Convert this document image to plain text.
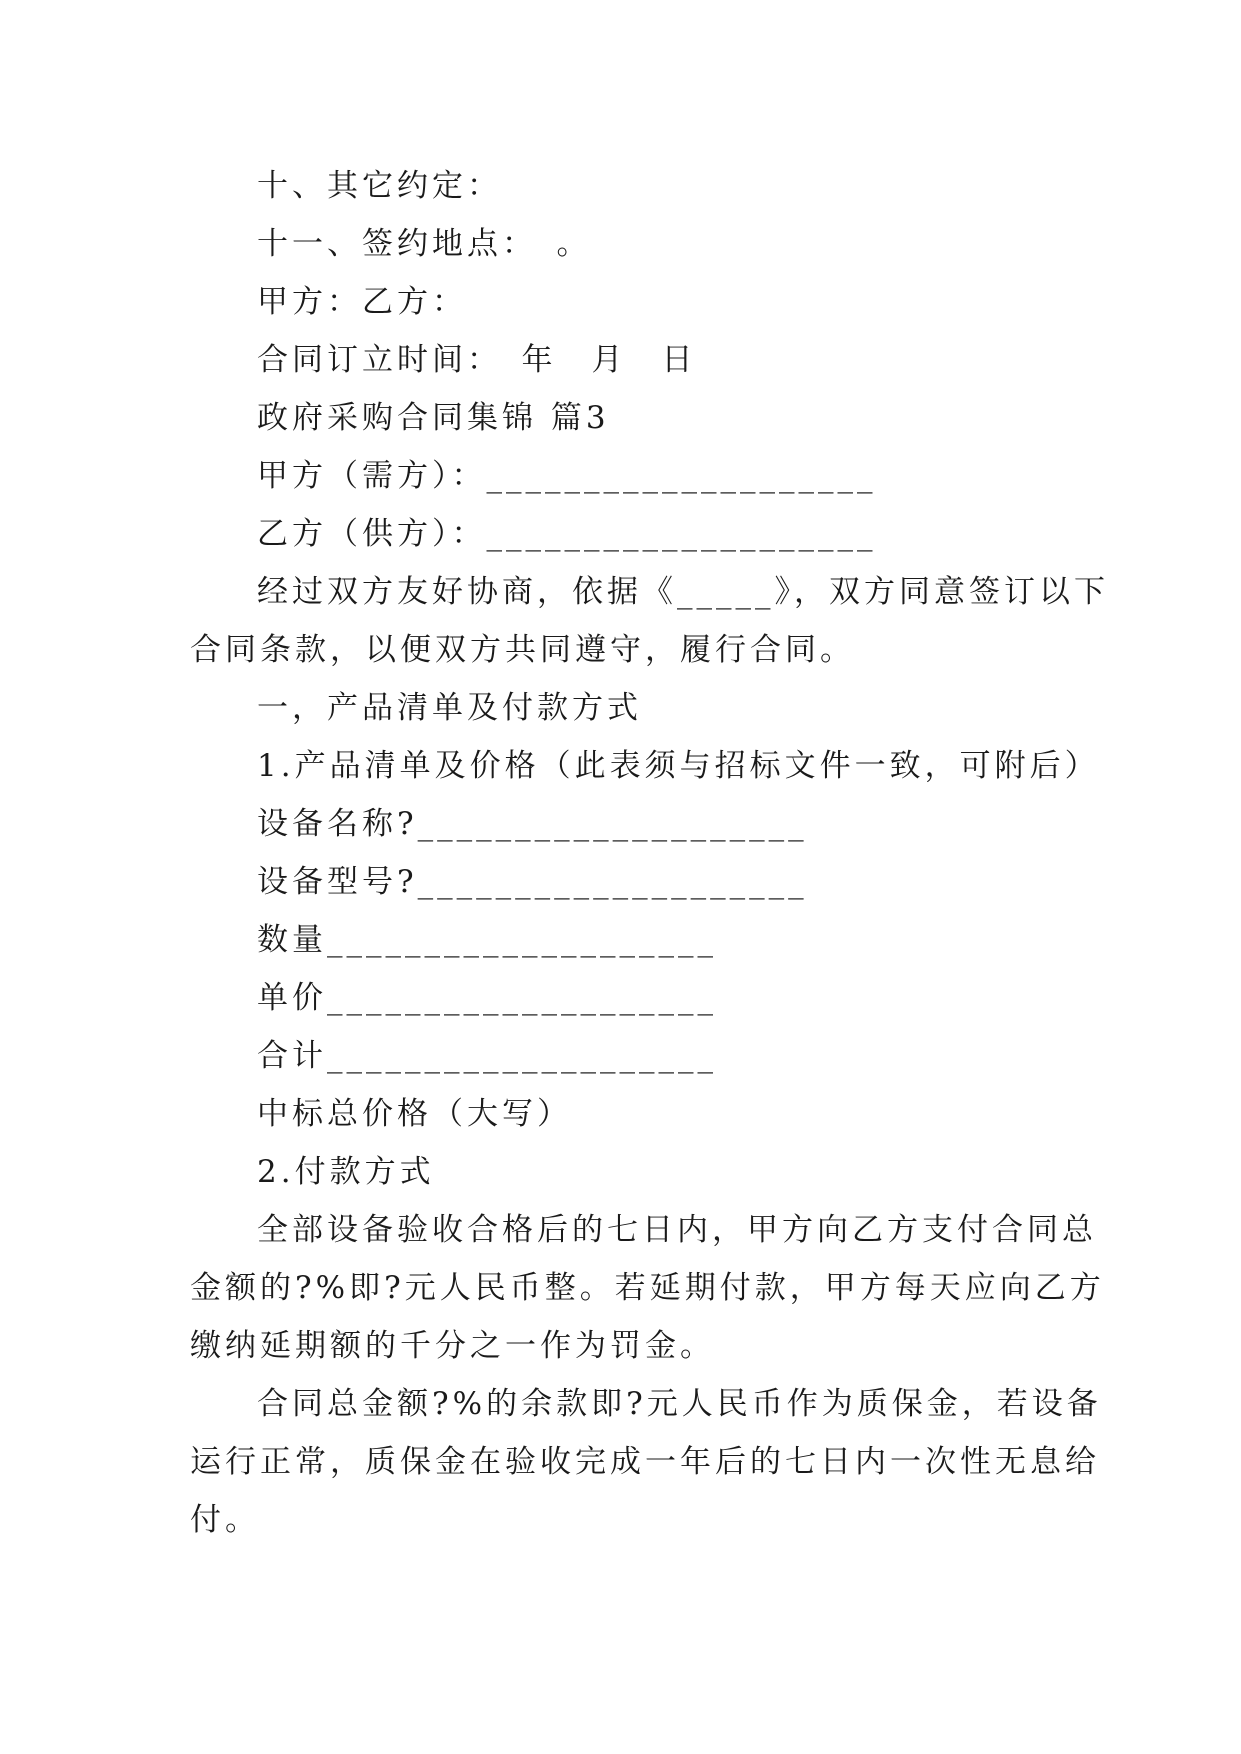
十、其它约定：
十一、签约地点：　。
甲方：乙方：
合同订立时间：　年　月　日
政府采购合同集锦 篇3
甲方（需方）：____________________
乙方（供方）：____________________
经过双方友好协商，依据《_____》，双方同意签订以下
合同条款，以便双方共同遵守，履行合同。
一，产品清单及付款方式
1.产品清单及价格（此表须与招标文件一致，可附后）
设备名称?____________________
设备型号?____________________
数量____________________
单价____________________
合计____________________
中标总价格（大写）
2.付款方式
全部设备验收合格后的七日内，甲方向乙方支付合同总
金额的?%即?元人民币整。若延期付款，甲方每天应向乙方
缴纳延期额的千分之一作为罚金。
合同总金额?%的余款即?元人民币作为质保金，若设备
运行正常，质保金在验收完成一年后的七日内一次性无息给
付。
